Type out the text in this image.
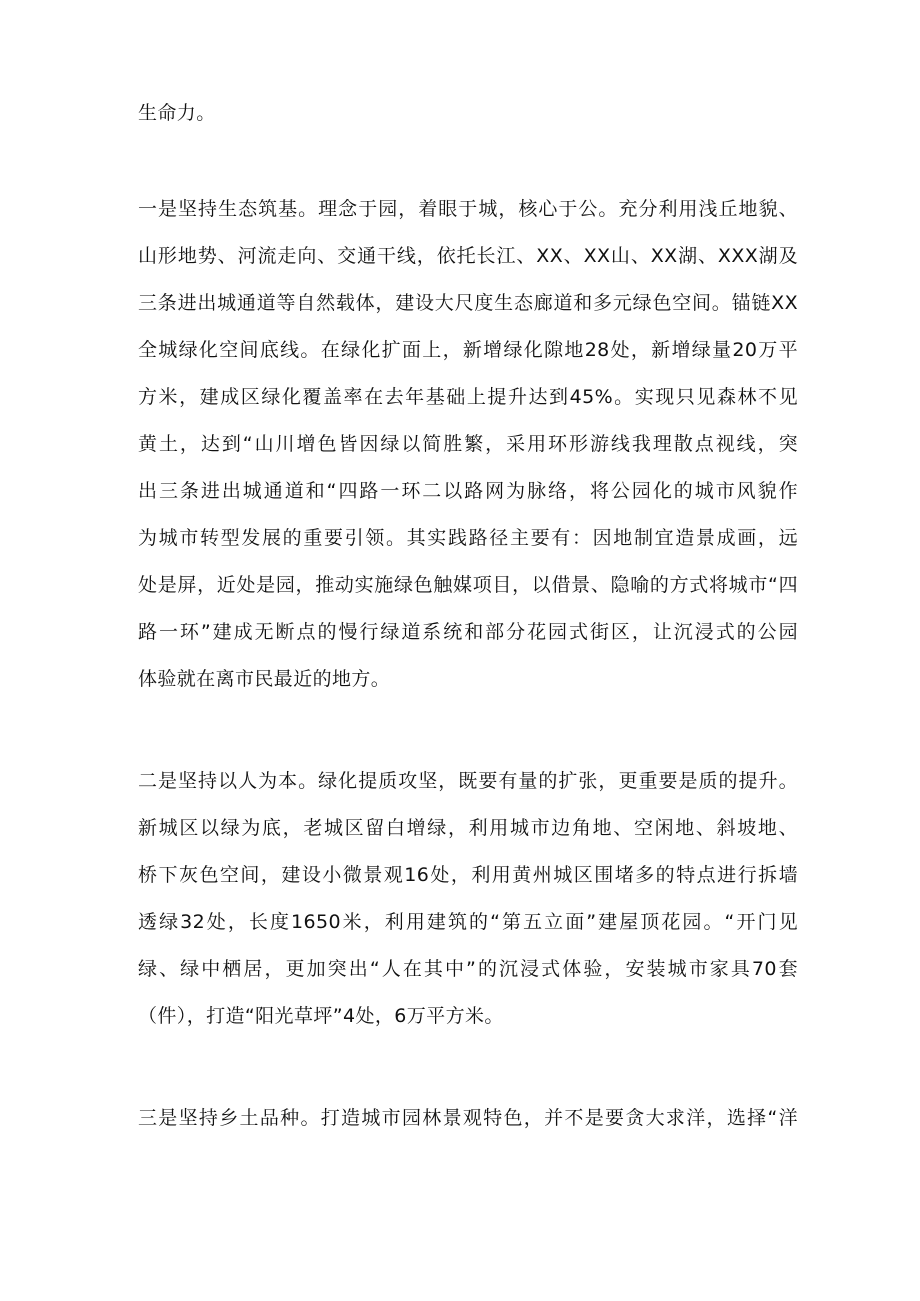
生命力。
一是坚持生态筑基。理念于园，着眼于城，核心于公。充分利用浅丘地貌、
山形地势、河流走向、交通干线，依托长江、XX、XX山、XX湖、XXX湖及
三条进出城通道等自然载体，建设大尺度生态廊道和多元绿色空间。锚链XX
全城绿化空间底线。在绿化扩面上，新增绿化隙地28处，新增绿量20万平
方米，建成区绿化覆盖率在去年基础上提升达到45%。实现只见森林不见
黄土，达到“山川增色皆因绿以简胜繁，采用环形游线我理散点视线，突
出三条进出城通道和“四路一环二以路网为脉络，将公园化的城市风貌作
为城市转型发展的重要引领。其实践路径主要有：因地制宜造景成画，远
处是屏，近处是园，推动实施绿色触媒项目，以借景、隐喻的方式将城市“四
路一环”建成无断点的慢行绿道系统和部分花园式街区，让沉浸式的公园
体验就在离市民最近的地方。
二是坚持以人为本。绿化提质攻坚，既要有量的扩张，更重要是质的提升。
新城区以绿为底，老城区留白增绿，利用城市边角地、空闲地、斜坡地、
桥下灰色空间，建设小微景观16处，利用黄州城区围堵多的特点进行拆墙
透绿32处，长度1650米，利用建筑的“第五立面”建屋顶花园。“开门见
绿、绿中栖居，更加突出“人在其中”的沉浸式体验，安装城市家具70套
（件），打造“阳光草坪”4处，6万平方米。
三是坚持乡土品种。打造城市园林景观特色，并不是要贪大求洋，选择“洋
